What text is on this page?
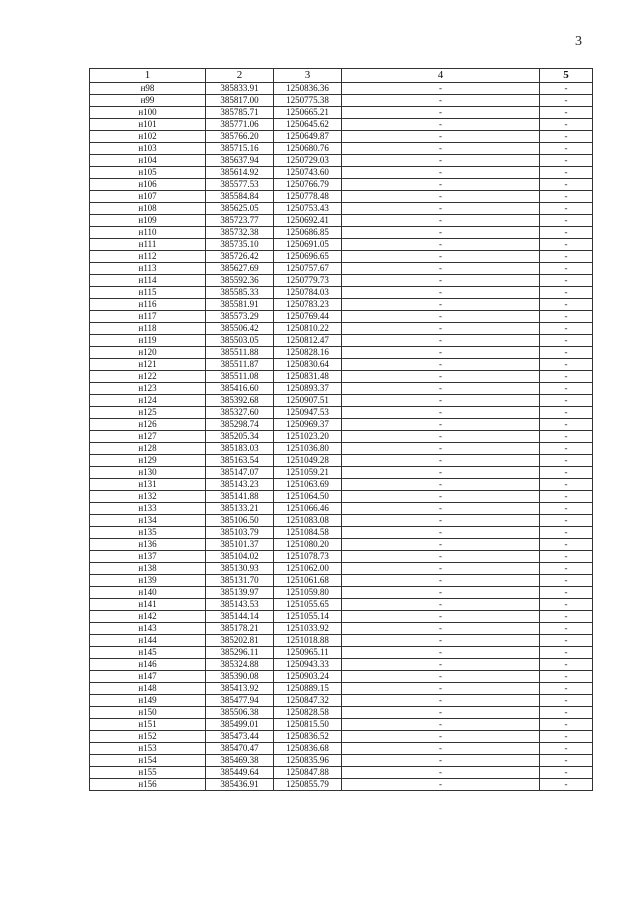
3
1	2	3	4	5
н98	385833.91	1250836.36	-	-
н99	385817.00	1250775.38	-	-
н100	385785.71	1250665.21	-	-
н101	385771.06	1250645.62	-	-
н102	385766.20	1250649.87	-	-
н103	385715.16	1250680.76	-	-
н104	385637.94	1250729.03	-	-
н105	385614.92	1250743.60	-	-
н106	385577.53	1250766.79	-	-
н107	385584.84	1250778.48	-	-
н108	385625.05	1250753.43	-	-
н109	385723.77	1250692.41	-	-
н110	385732.38	1250686.85	-	-
н111	385735.10	1250691.05	-	-
н112	385726.42	1250696.65	-	-
н113	385627.69	1250757.67	-	-
н114	385592.36	1250779.73	-	-
н115	385585.33	1250784.03	-	-
н116	385581.91	1250783.23	-	-
н117	385573.29	1250769.44	-	-
н118	385506.42	1250810.22	-	-
н119	385503.05	1250812.47	-	-
н120	385511.88	1250828.16	-	-
н121	385511.87	1250830.64	-	-
н122	385511.08	1250831.48	-	-
н123	385416.60	1250893.37	-	-
н124	385392.68	1250907.51	-	-
н125	385327.60	1250947.53	-	-
н126	385298.74	1250969.37	-	-
н127	385205.34	1251023.20	-	-
н128	385183.03	1251036.80	-	-
н129	385163.54	1251049.28	-	-
н130	385147.07	1251059.21	-	-
н131	385143.23	1251063.69	-	-
н132	385141.88	1251064.50	-	-
н133	385133.21	1251066.46	-	-
н134	385106.50	1251083.08	-	-
н135	385103.79	1251084.58	-	-
н136	385101.37	1251080.20	-	-
н137	385104.02	1251078.73	-	-
н138	385130.93	1251062.00	-	-
н139	385131.70	1251061.68	-	-
н140	385139.97	1251059.80	-	-
н141	385143.53	1251055.65	-	-
н142	385144.14	1251055.14	-	-
н143	385178.21	1251033.92	-	-
н144	385202.81	1251018.88	-	-
н145	385296.11	1250965.11	-	-
н146	385324.88	1250943.33	-	-
н147	385390.08	1250903.24	-	-
н148	385413.92	1250889.15	-	-
н149	385477.94	1250847.32	-	-
н150	385506.38	1250828.58	-	-
н151	385499.01	1250815.50	-	-
н152	385473.44	1250836.52	-	-
н153	385470.47	1250836.68	-	-
н154	385469.38	1250835.96	-	-
н155	385449.64	1250847.88	-	-
н156	385436.91	1250855.79	-	-
